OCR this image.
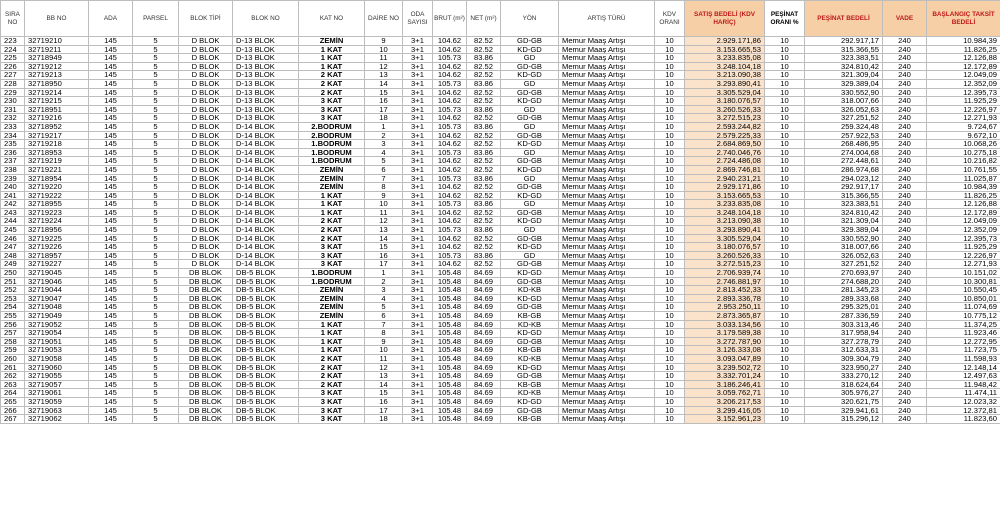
SIRA NO	BB NO	ADA	PARSEL	BLOK TİPİ	BLOK NO	KAT NO	DAİRE NO	ODA SAYISI	BRUT (m²)	NET (m²)	YÖN	ARTIŞ TÜRÜ	KDV ORANI	SATIŞ BEDELİ (KDV HARİÇ)	PEŞİNAT ORANI %	PEŞİNAT BEDELİ	VADE	BAŞLANGIÇ TAKSİT BEDELİ
223	32719210	145	5	D BLOK	D-13 BLOK	ZEMİN	9	3+1	104.62	82.52	GD-GB	Memur Maaş Artışı	10	2.929.171,86	10	292.917,17	240	10.984,39
224	32719211	145	5	D BLOK	D-13 BLOK	1 KAT	10	3+1	104.62	82.52	KD-GD	Memur Maaş Artışı	10	3.153.665,53	10	315.366,55	240	11.826,25
225	32718949	145	5	D BLOK	D-13 BLOK	1 KAT	11	3+1	105.73	83.86	GD	Memur Maaş Artışı	10	3.233.835,08	10	323.383,51	240	12.126,88
226	32719212	145	5	D BLOK	D-13 BLOK	1 KAT	12	3+1	104.62	82.52	GD-GB	Memur Maaş Artışı	10	3.248.104,18	10	324.810,42	240	12.172,89
227	32719213	145	5	D BLOK	D-13 BLOK	2 KAT	13	3+1	104.62	82.52	KD-GD	Memur Maaş Artışı	10	3.213.090,38	10	321.309,04	240	12.049,09
228	32718950	145	5	D BLOK	D-13 BLOK	2 KAT	14	3+1	105.73	83.86	GD	Memur Maaş Artışı	10	3.293.890,41	10	329.389,04	240	12.352,09
229	32719214	145	5	D BLOK	D-13 BLOK	2 KAT	15	3+1	104.62	82.52	GD-GB	Memur Maaş Artışı	10	3.305.529,04	10	330.552,90	240	12.395,73
230	32719215	145	5	D BLOK	D-13 BLOK	3 KAT	16	3+1	104.62	82.52	KD-GD	Memur Maaş Artışı	10	3.180.076,57	10	318.007,66	240	11.925,29
231	32718951	145	5	D BLOK	D-13 BLOK	3 KAT	17	3+1	105.73	83.86	GD	Memur Maaş Artışı	10	3.260.526,33	10	326.052,63	240	12.226,97
232	32719216	145	5	D BLOK	D-13 BLOK	3 KAT	18	3+1	104.62	82.52	GD-GB	Memur Maaş Artışı	10	3.272.515,23	10	327.251,52	240	12.271,93
233	32718952	145	5	D BLOK	D-14 BLOK	2.BODRUM	1	3+1	105.73	83.86	GD	Memur Maaş Artışı	10	2.593.244,82	10	259.324,48	240	9.724,67
234	32719217	145	5	D BLOK	D-14 BLOK	2.BODRUM	2	3+1	104.62	82.52	GD-GB	Memur Maaş Artışı	10	2.579.225,33	10	257.922,53	240	9.672,10
235	32719218	145	5	D BLOK	D-14 BLOK	1.BODRUM	3	3+1	104.62	82.52	KD-GD	Memur Maaş Artışı	10	2.684.869,50	10	268.486,95	240	10.068,26
236	32718953	145	5	D BLOK	D-14 BLOK	1.BODRUM	4	3+1	105.73	83.86	GD	Memur Maaş Artışı	10	2.740.046,76	10	274.004,68	240	10.275,18
237	32719219	145	5	D BLOK	D-14 BLOK	1.BODRUM	5	3+1	104.62	82.52	GD-GB	Memur Maaş Artışı	10	2.724.486,08	10	272.448,61	240	10.216,82
238	32719221	145	5	D BLOK	D-14 BLOK	ZEMİN	6	3+1	104.62	82.52	KD-GD	Memur Maaş Artışı	10	2.869.746,81	10	286.974,68	240	10.761,55
239	32718954	145	5	D BLOK	D-14 BLOK	ZEMİN	7	3+1	105.73	83.86	GD	Memur Maaş Artışı	10	2.940.231,21	10	294.023,12	240	11.025,87
240	32719220	145	5	D BLOK	D-14 BLOK	ZEMİN	8	3+1	104.62	82.52	GD-GB	Memur Maaş Artışı	10	2.929.171,86	10	292.917,17	240	10.984,39
241	32719222	145	5	D BLOK	D-14 BLOK	1 KAT	9	3+1	104.62	82.52	KD-GD	Memur Maaş Artışı	10	3.153.665,53	10	315.366,55	240	11.826,25
242	32718955	145	5	D BLOK	D-14 BLOK	1 KAT	10	3+1	105.73	83.86	GD	Memur Maaş Artışı	10	3.233.835,08	10	323.383,51	240	12.126,88
243	32719223	145	5	D BLOK	D-14 BLOK	1 KAT	11	3+1	104.62	82.52	GD-GB	Memur Maaş Artışı	10	3.248.104,18	10	324.810,42	240	12.172,89
244	32719224	145	5	D BLOK	D-14 BLOK	2 KAT	12	3+1	104.62	82.52	KD-GD	Memur Maaş Artışı	10	3.213.090,38	10	321.309,04	240	12.049,09
245	32718956	145	5	D BLOK	D-14 BLOK	2 KAT	13	3+1	105.73	83.86	GD	Memur Maaş Artışı	10	3.293.890,41	10	329.389,04	240	12.352,09
246	32719225	145	5	D BLOK	D-14 BLOK	2 KAT	14	3+1	104.62	82.52	GD-GB	Memur Maaş Artışı	10	3.305.529,04	10	330.552,90	240	12.395,73
247	32719226	145	5	D BLOK	D-14 BLOK	3 KAT	15	3+1	104.62	82.52	KD-GD	Memur Maaş Artışı	10	3.180.076,57	10	318.007,66	240	11.925,29
248	32718957	145	5	D BLOK	D-14 BLOK	3 KAT	16	3+1	105.73	83.86	GD	Memur Maaş Artışı	10	3.260.526,33	10	326.052,63	240	12.226,97
249	32719227	145	5	D BLOK	D-14 BLOK	3 KAT	17	3+1	104.62	82.52	GD-GB	Memur Maaş Artışı	10	3.272.515,23	10	327.251,52	240	12.271,93
250	32719045	145	5	DB BLOK	DB-5 BLOK	1.BODRUM	1	3+1	105.48	84.69	KD-GD	Memur Maaş Artışı	10	2.706.939,74	10	270.693,97	240	10.151,02
251	32719046	145	5	DB BLOK	DB-5 BLOK	1.BODRUM	2	3+1	105.48	84.69	GD-GB	Memur Maaş Artışı	10	2.746.881,97	10	274.688,20	240	10.300,81
252	32719044	145	5	DB BLOK	DB-5 BLOK	ZEMİN	3	3+1	105.48	84.69	KD-KB	Memur Maaş Artışı	10	2.813.452,33	10	281.345,23	240	10.550,45
253	32719047	145	5	DB BLOK	DB-5 BLOK	ZEMİN	4	3+1	105.48	84.69	KD-GD	Memur Maaş Artışı	10	2.893.336,78	10	289.333,68	240	10.850,01
254	32719048	145	5	DB BLOK	DB-5 BLOK	ZEMİN	5	3+1	105.48	84.69	GD-GB	Memur Maaş Artışı	10	2.953.250,11	10	295.325,01	240	11.074,69
255	32719049	145	5	DB BLOK	DB-5 BLOK	ZEMİN	6	3+1	105.48	84.69	KB-GB	Memur Maaş Artışı	10	2.873.365,87	10	287.336,59	240	10.775,12
256	32719052	145	5	DB BLOK	DB-5 BLOK	1 KAT	7	3+1	105.48	84.69	KD-KB	Memur Maaş Artışı	10	3.033.134,56	10	303.313,46	240	11.374,25
257	32719054	145	5	DB BLOK	DB-5 BLOK	1 KAT	8	3+1	105.48	84.69	KD-GD	Memur Maaş Artışı	10	3.179.589,38	10	317.958,94	240	11.923,46
258	32719051	145	5	DB BLOK	DB-5 BLOK	1 KAT	9	3+1	105.48	84.69	GD-GB	Memur Maaş Artışı	10	3.272.787,90	10	327.278,79	240	12.272,95
259	32719053	145	5	DB BLOK	DB-5 BLOK	1 KAT	10	3+1	105.48	84.69	KB-GB	Memur Maaş Artışı	10	3.126.333,08	10	312.633,31	240	11.723,75
260	32719058	145	5	DB BLOK	DB-5 BLOK	2 KAT	11	3+1	105.48	84.69	KD-KB	Memur Maaş Artışı	10	3.093.047,89	10	309.304,79	240	11.598,93
261	32719060	145	5	DB BLOK	DB-5 BLOK	2 KAT	12	3+1	105.48	84.69	KD-GD	Memur Maaş Artışı	10	3.239.502,72	10	323.950,27	240	12.148,14
262	32719055	145	5	DB BLOK	DB-5 BLOK	2 KAT	13	3+1	105.48	84.69	GD-GB	Memur Maaş Artışı	10	3.332.701,24	10	333.270,12	240	12.497,63
263	32719057	145	5	DB BLOK	DB-5 BLOK	2 KAT	14	3+1	105.48	84.69	KB-GB	Memur Maaş Artışı	10	3.186.246,41	10	318.624,64	240	11.948,42
264	32719061	145	5	DB BLOK	DB-5 BLOK	3 KAT	15	3+1	105.48	84.69	KD-KB	Memur Maaş Artışı	10	3.059.762,71	10	305.976,27	240	11.474,11
265	32719059	145	5	DB BLOK	DB-5 BLOK	3 KAT	16	3+1	105.48	84.69	KD-GD	Memur Maaş Artışı	10	3.206.217,53	10	320.621,75	240	12.023,32
266	32719063	145	5	DB BLOK	DB-5 BLOK	3 KAT	17	3+1	105.48	84.69	GD-GB	Memur Maaş Artışı	10	3.299.416,05	10	329.941,61	240	12.372,81
267	32719062	145	5	DB BLOK	DB-5 BLOK	3 KAT	18	3+1	105.48	84.69	KB-GB	Memur Maaş Artışı	10	3.152.961,23	10	315.296,12	240	11.823,60
